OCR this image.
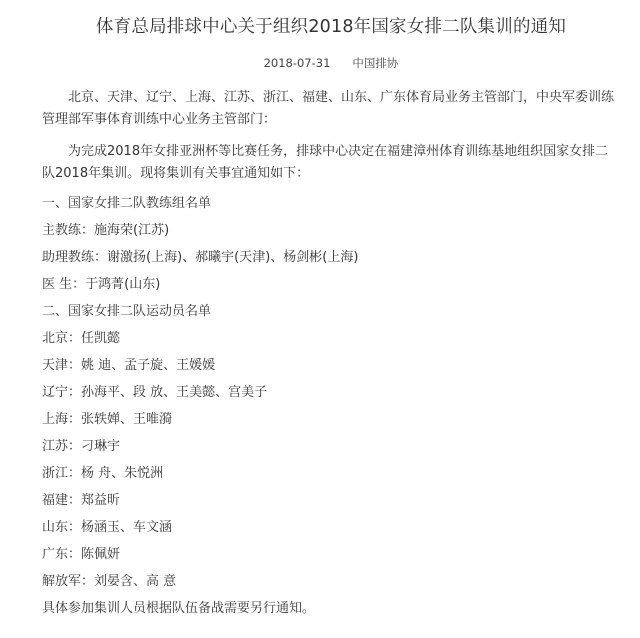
体育总局排球中心关于组织2018年国家女排二队集训的通知
2018-07-31 中国排协

北京、天津、辽宁、上海、江苏、浙江、福建、山东、广东体育局业务主管部门，中央军委训练管理部军事体育训练中心业务主管部门：

为完成2018年女排亚洲杯等比赛任务，排球中心决定在福建漳州体育训练基地组织国家女排二队2018年集训。现将集训有关事宜通知如下：

一、国家女排二队教练组名单

主教练：施海荣(江苏)

助理教练：谢激扬(上海)、郝曦宇(天津)、杨剑彬(上海)

医 生：于鸿菁(山东)

二、国家女排二队运动员名单

北京：任凯懿

天津：姚 迪、孟子旋、王媛媛

辽宁：孙海平、段 放、王美懿、宫美子

上海：张轶婵、王唯漪

江苏：刁琳宇

浙江：杨 舟、朱悦洲

福建：郑益昕

山东：杨涵玉、车文涵

广东：陈佩妍

解放军：刘晏含、高 意

具体参加集训人员根据队伍备战需要另行通知。
